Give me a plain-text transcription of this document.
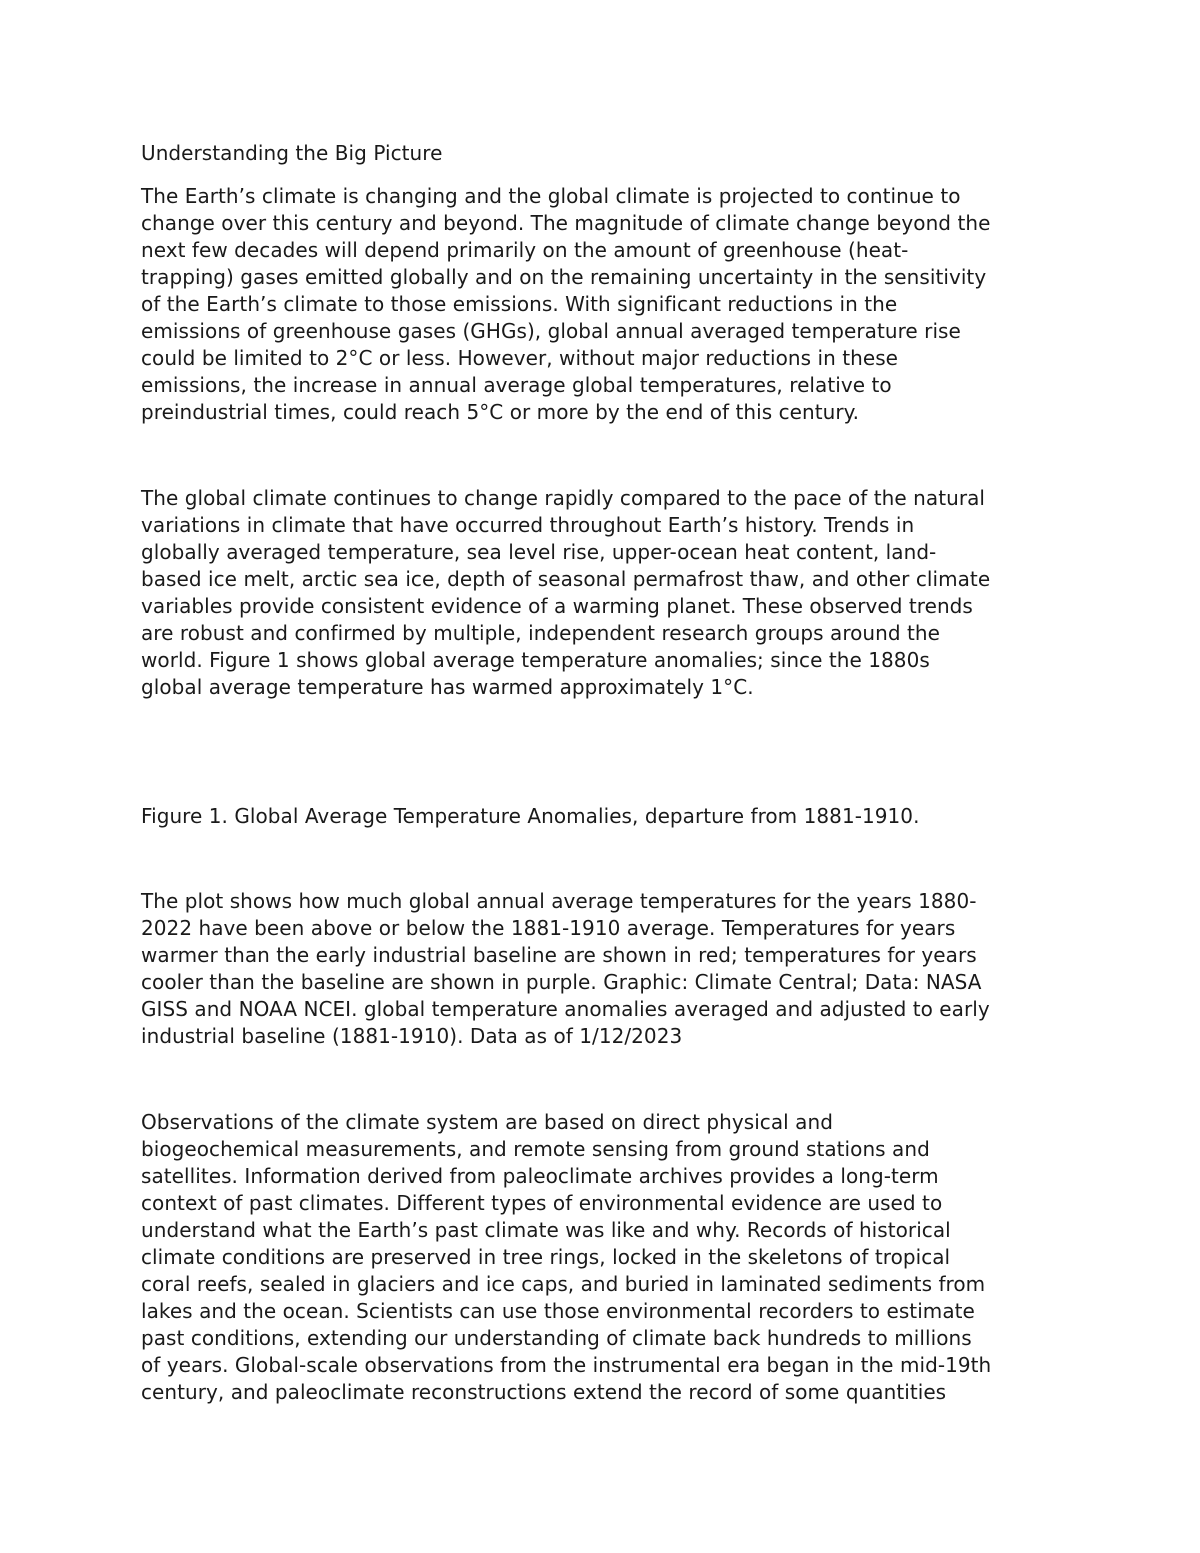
Understanding the Big Picture

The Earth’s climate is changing and the global climate is projected to continue to
change over this century and beyond. The magnitude of climate change beyond the
next few decades will depend primarily on the amount of greenhouse (heat-
trapping) gases emitted globally and on the remaining uncertainty in the sensitivity
of the Earth’s climate to those emissions. With significant reductions in the
emissions of greenhouse gases (GHGs), global annual averaged temperature rise
could be limited to 2°C or less. However, without major reductions in these
emissions, the increase in annual average global temperatures, relative to
preindustrial times, could reach 5°C or more by the end of this century.

The global climate continues to change rapidly compared to the pace of the natural
variations in climate that have occurred throughout Earth’s history. Trends in
globally averaged temperature, sea level rise, upper-ocean heat content, land-
based ice melt, arctic sea ice, depth of seasonal permafrost thaw, and other climate
variables provide consistent evidence of a warming planet. These observed trends
are robust and confirmed by multiple, independent research groups around the
world. Figure 1 shows global average temperature anomalies; since the 1880s
global average temperature has warmed approximately 1°C.

Figure 1. Global Average Temperature Anomalies, departure from 1881-1910.

The plot shows how much global annual average temperatures for the years 1880-
2022 have been above or below the 1881-1910 average. Temperatures for years
warmer than the early industrial baseline are shown in red; temperatures for years
cooler than the baseline are shown in purple. Graphic: Climate Central; Data: NASA
GISS and NOAA NCEI. global temperature anomalies averaged and adjusted to early
industrial baseline (1881-1910). Data as of 1/12/2023

Observations of the climate system are based on direct physical and
biogeochemical measurements, and remote sensing from ground stations and
satellites. Information derived from paleoclimate archives provides a long-term
context of past climates. Different types of environmental evidence are used to
understand what the Earth’s past climate was like and why. Records of historical
climate conditions are preserved in tree rings, locked in the skeletons of tropical
coral reefs, sealed in glaciers and ice caps, and buried in laminated sediments from
lakes and the ocean. Scientists can use those environmental recorders to estimate
past conditions, extending our understanding of climate back hundreds to millions
of years. Global-scale observations from the instrumental era began in the mid-19th
century, and paleoclimate reconstructions extend the record of some quantities
